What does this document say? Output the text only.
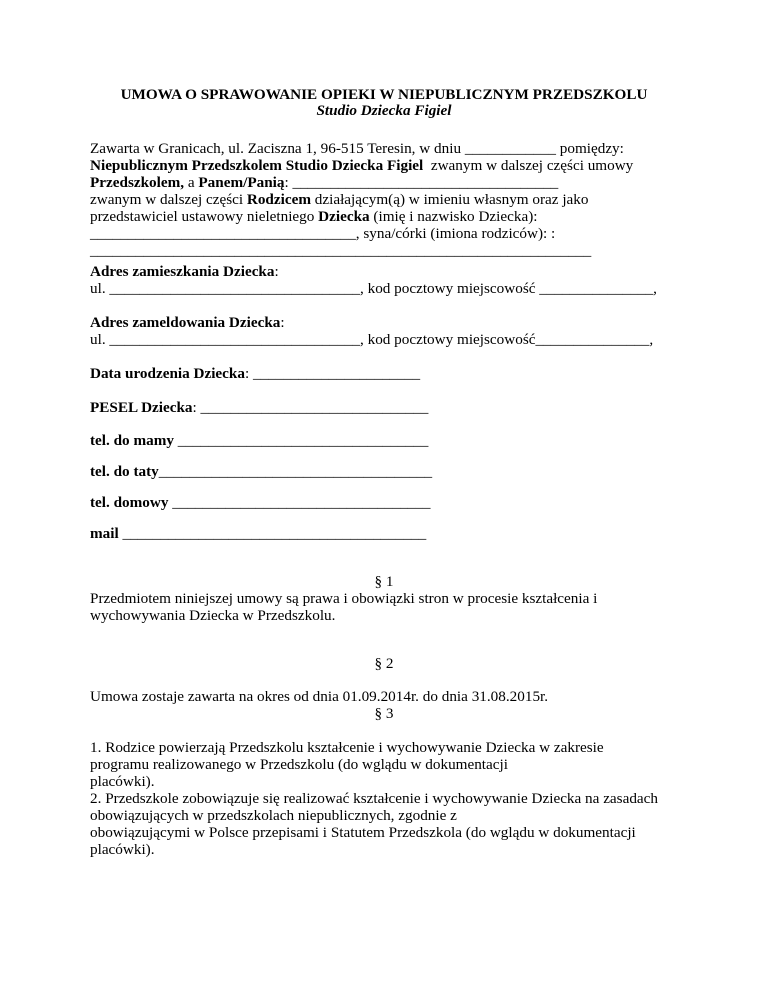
UMOWA O SPRAWOWANIE OPIEKI W NIEPUBLICZNYM PRZEDSZKOLU
Studio Dziecka Figiel
Zawarta w Granicach, ul. Zaciszna 1, 96-515 Teresin, w dniu ____________ pomiędzy:
Niepublicznym Przedszkolem Studio Dziecka Figiel  zwanym w dalszej części umowy
Przedszkolem, a Panem/Panią: ___________________________________
zwanym w dalszej części Rodzicem działającym(ą) w imieniu własnym oraz jako
przedstawiciel ustawowy nieletniego Dziecka (imię i nazwisko Dziecka):
___________________________________, syna/córki (imiona rodziców): :
__________________________________________________________________
Adres zamieszkania Dziecka:
ul. _________________________________, kod pocztowy miejscowość _______________,
Adres zameldowania Dziecka:
ul. _________________________________, kod pocztowy miejscowość_______________,
Data urodzenia Dziecka: ______________________
PESEL Dziecka: ______________________________
tel. do mamy _________________________________
tel. do taty____________________________________
tel. domowy __________________________________
mail ________________________________________
§ 1
Przedmiotem niniejszej umowy są prawa i obowiązki stron w procesie kształcenia i
wychowywania Dziecka w Przedszkolu.
§ 2
Umowa zostaje zawarta na okres od dnia 01.09.2014r. do dnia 31.08.2015r.
§ 3
1. Rodzice powierzają Przedszkolu kształcenie i wychowywanie Dziecka w zakresie
programu realizowanego w Przedszkolu (do wglądu w dokumentacji
placówki).
2. Przedszkole zobowiązuje się realizować kształcenie i wychowywanie Dziecka na zasadach
obowiązujących w przedszkolach niepublicznych, zgodnie z
obowiązującymi w Polsce przepisami i Statutem Przedszkola (do wglądu w dokumentacji
placówki).
